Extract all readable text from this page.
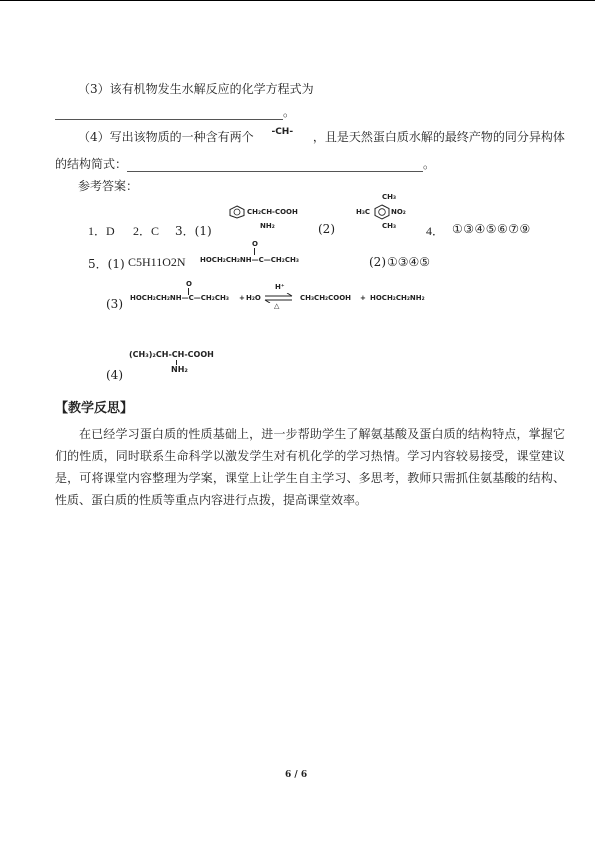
（3）该有机物发生水解反应的化学方程式为
。
（4）写出该物质的一种含有两个 $^{-CH-}$ ，且是天然蛋白质水解的最终产物的同分异构体
的结构简式：	。
参考答案：
1．D 2．C 3．(1)
CH₂CH-COOH
NH₂	(2)
CH₃
H₃C	NO₂
CH₃ 4． ①③④⑤⑥⑦⑨
5．(1) C5H11O2N
O
HOCH₂CH₂NH—C—CH₂CH₃	(2) ①③④⑤
(3)
O
HOCH₂CH₂NH—C—CH₂CH₃ + H₂O
H⁺
△
CH₃CH₂COOH + HOCH₂CH₂NH₂
(4)
(CH₃)₂CH-CH-COOH
NH₂
【教学反思】
在已经学习蛋白质的性质基础上，进一步帮助学生了解氨基酸及蛋白质的结构特点，掌握它们的性质，同时联系生命科学以激发学生对有机化学的学习热情。学习内容较易接受，课堂建议是，可将课堂内容整理为学案，课堂上让学生自主学习、多思考，教师只需抓住氨基酸的结构、性质、蛋白质的性质等重点内容进行点拨，提高课堂效率。
6 / 6
